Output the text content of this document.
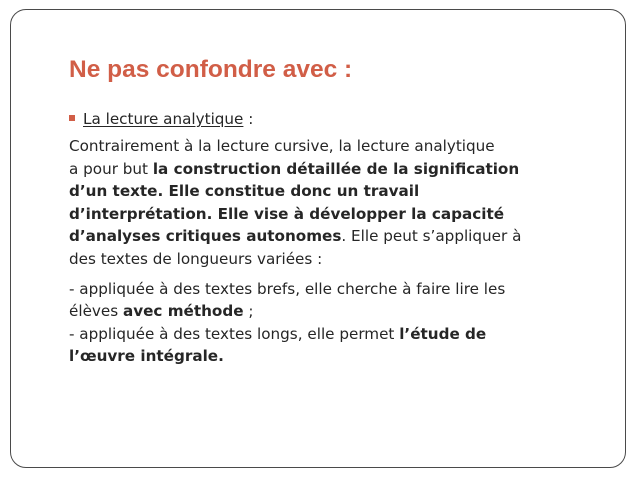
Ne pas confondre avec :
La lecture analytique :

Contrairement à la lecture cursive, la lecture analytique
a pour but la construction détaillée de la signification
d’un texte. Elle constitue donc un travail
d’interprétation. Elle vise à développer la capacité
d’analyses critiques autonomes. Elle peut s’appliquer à
des textes de longueurs variées :

- appliquée à des textes brefs, elle cherche à faire lire les
élèves avec méthode ;
- appliquée à des textes longs, elle permet l’étude de
l’œuvre intégrale.
